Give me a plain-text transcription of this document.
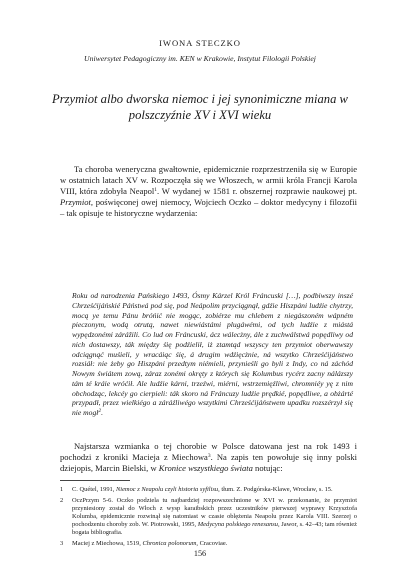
IWONA STECZKO
Uniwersytet Pedagogiczny im. KEN w Krakowie, Instytut Filologii Polskiej
Przymiot albo dworska niemoc i jej synonimiczne miana w polszczyźnie XV i XVI wieku
Ta choroba weneryczna gwałtownie, epidemicznie rozprzestrzeniła się w Europie w ostatnich latach XV w. Rozpoczęła się we Włoszech, w armii króla Francji Karola VIII, która zdobyła Neapol$^1$. W wydanej w 1581 r. obszernej rozprawie naukowej pt. Przymiot, poświęconej owej niemocy, Wojciech Oczko – doktor medycyny i filozofii – tak opisuje te historyczne wydarzenia:
Roku od narodzenia Pańskiego 1493, Ósmy Kárzel Król Fráncuski […], podbiwszy inszé Chrześćijáńskié Páństwá pod się, pod Neápolim przyciągnął, gdźie Hiszpáni ludźie chytrzy, mocą ye temu Pánu bróńić nie mogąc, zobiérze mu chlebem z niegászoném wápném pieczonym, wodą otrutą, nawet niewiástámi plugáwémi, od tych ludźie z miástá wypędzonémi zárážili. Co lud on Fráncuski, ácz wálecżny, ále z zuchwálstwá popędliwy od nich dostawszy, ták między śię podźielił, iż ztamtąd wszyscy ten przymiot oberwawszy odciągnąć muśieli, y wracáiąc śię, á drugim wdźięcżnie, ná wszytko Chrześćijáństwo rozsiáł: nie żeby go Hiszpáni przedtym niémieli, przynieśli go byli z Indy, co ná záchód Nowym świátem zową, záraz zonémi okręty z których się Kolumbus rycérz zacny nálázszy tám té kráie wróćił. Ale ludźie kárni, trzeźwi, miérni, wstrzemięźliwi, chromniéy yę z nim obchodząc, lekcéy go cierpieli: ták skoro ná Fráncuzy ludźie prędkié, popędliwe, a obżárté przypadł, przez wielkiégo a záráźliwégo wszytkimi Chrześćijáństwem upadku rozszérzył się nie mogł$^2$.
Najstarsza wzmianka o tej chorobie w Polsce datowana jest na rok 1493 i pochodzi z kroniki Macieja z Miechowa$^3$. Na zapis ten powołuje się inny polski dziejopis, Marcin Bielski, w Kronice wszystkiego świata notując:
1 C. Quétel, 1991, Niemoc z Neapolu czyli historia syfilisu, tłum. Z. Podgórska-Klawe, Wrocław, s. 15.
2 OczPrzym 5-6. Oczko podziela tu najbardziej rozpowszechnione w XVI w. przekonanie, że przymiot przyniesiony został do Włoch z wysp karaibskich przez uczestników pierwszej wyprawy Krzysztofa Kolumba, epidemicznie rozwinął się natomiast w czasie oblężenia Neapolu przez Karola VIII. Szerzej o pochodzeniu choroby zob. W. Piotrowski, 1995, Medycyna polskiego renesansu, Jawor, s. 42–43; tam również bogata bibliografia.
3 Maciej z Miechowa, 1519, Chronica polonorum, Cracoviae.
156
